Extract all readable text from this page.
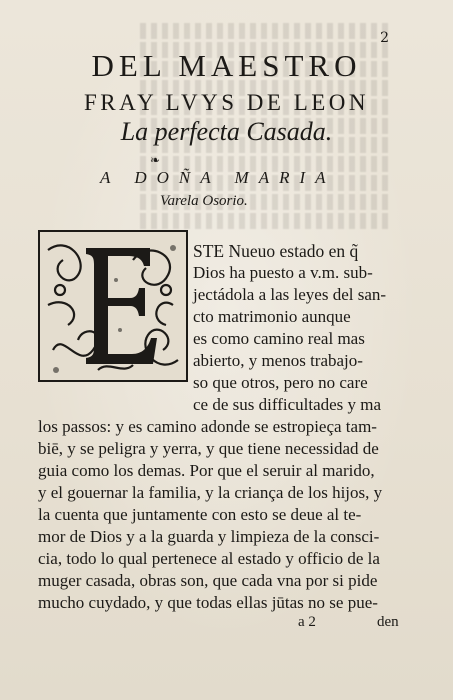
2
DEL MAESTRO
FRAY LVYS DE LEON
La perfecta Casada.
❧
A DOÑA MARIA
Varela Osorio.
STE Nueuo estado en q̃
Dios ha puesto a v.m. sub-
jectádola a las leyes del san-
cto matrimonio aunque
es como camino real mas
abierto, y menos trabajo-
so que otros, pero no care
ce de sus difficultades y ma
los passos: y es camino adonde se estropieça tam-
biē, y se peligra y yerra, y que tiene necessidad de
guia como los demas. Por que el seruir al marido,
y el gouernar la familia, y la criança de los hijos, y
la cuenta que juntamente con esto se deue al te-
mor de Dios y a la guarda y limpieza de la consci-
cia, todo lo qual pertenece al estado y officio de la
muger casada, obras son, que cada vna por si pide
mucho cuydado, y que todas ellas jūtas no se pue-
a 2	den
